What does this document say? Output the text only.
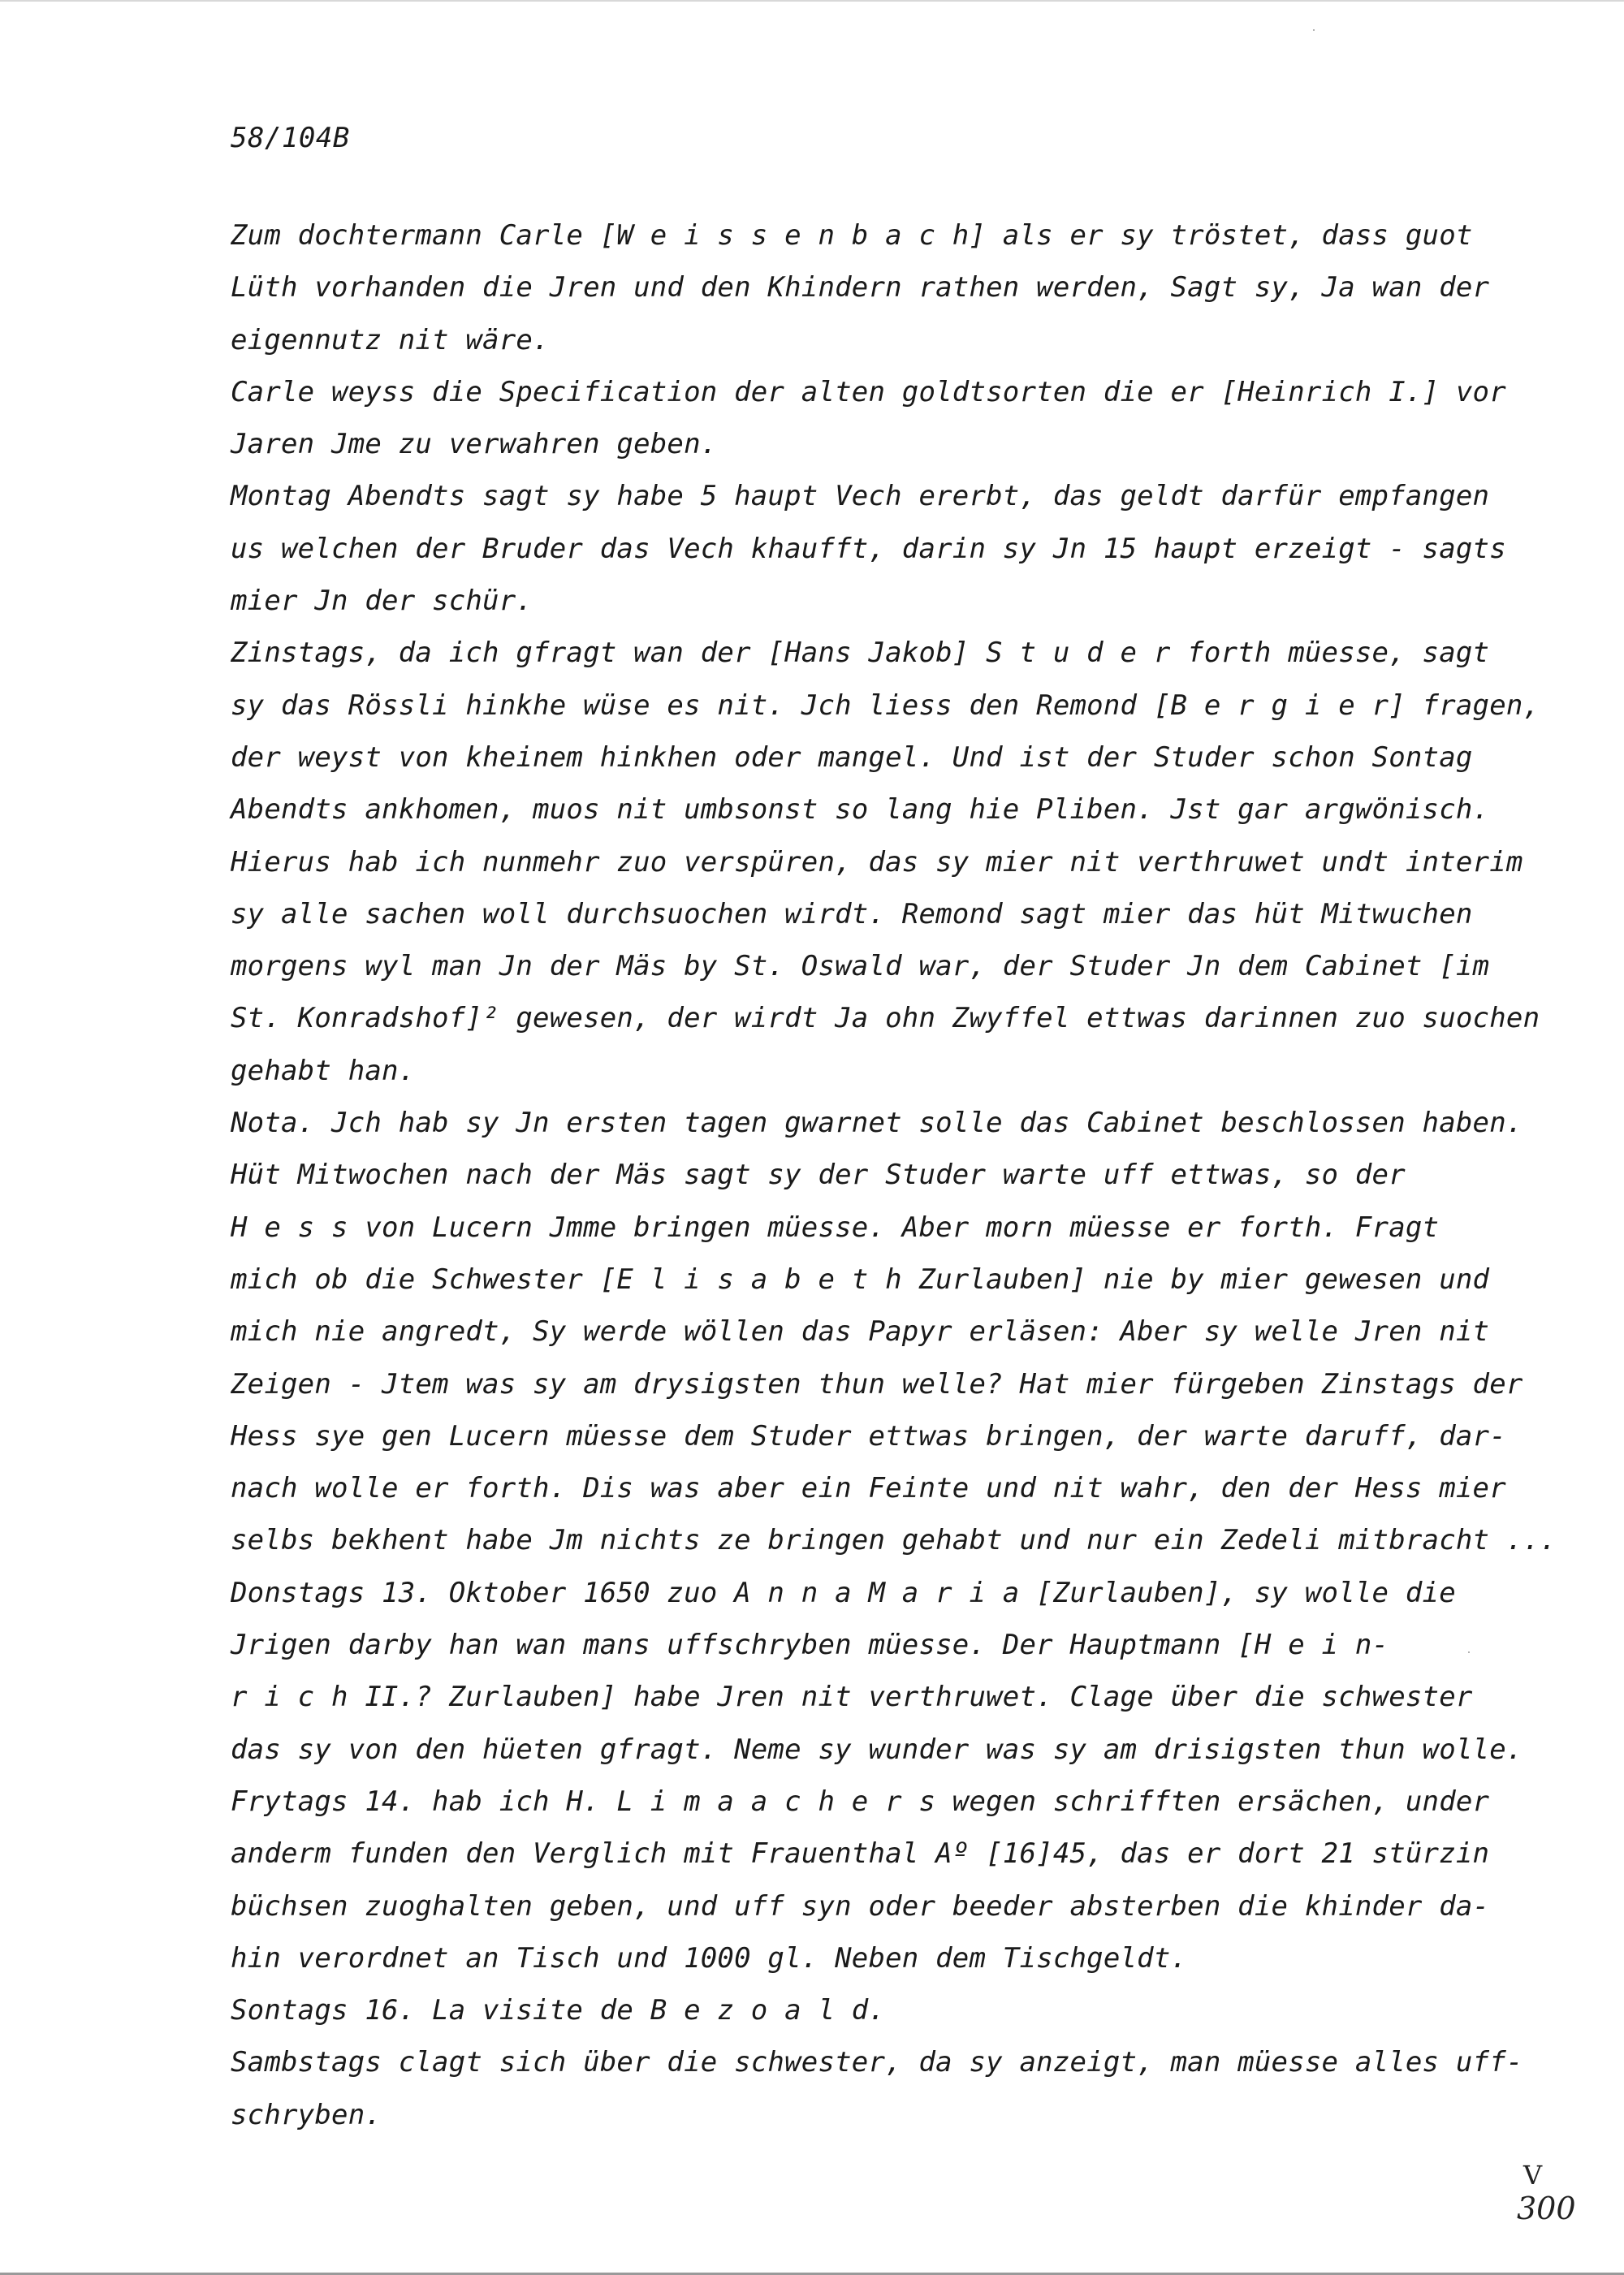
58/104B
Zum dochtermann Carle [W e i s s e n b a c h] als er sy tröstet, dass guot
Lüth vorhanden die Jren und den Khindern rathen werden, Sagt sy, Ja wan der
eigennutz nit wäre.
Carle weyss die Specification der alten goldtsorten die er [Heinrich I.] vor
Jaren Jme zu verwahren geben.
Montag Abendts sagt sy habe 5 haupt Vech ererbt, das geldt darfür empfangen
us welchen der Bruder das Vech khaufft, darin sy Jn 15 haupt erzeigt - sagts
mier Jn der schür.
Zinstags, da ich gfragt wan der [Hans Jakob] S t u d e r forth müesse, sagt
sy das Rössli hinkhe wüse es nit. Jch liess den Remond [B e r g i e r] fragen,
der weyst von kheinem hinkhen oder mangel. Und ist der Studer schon Sontag
Abendts ankhomen, muos nit umbsonst so lang hie Pliben. Jst gar argwönisch.
Hierus hab ich nunmehr zuo verspüren, das sy mier nit verthruwet undt interim
sy alle sachen woll durchsuochen wirdt. Remond sagt mier das hüt Mitwuchen
morgens wyl man Jn der Mäs by St. Oswald war, der Studer Jn dem Cabinet [im
St. Konradshof]² gewesen, der wirdt Ja ohn Zwyffel ettwas darinnen zuo suochen
gehabt han.
Nota. Jch hab sy Jn ersten tagen gwarnet solle das Cabinet beschlossen haben.
Hüt Mitwochen nach der Mäs sagt sy der Studer warte uff ettwas, so der
H e s s von Lucern Jmme bringen müesse. Aber morn müesse er forth. Fragt
mich ob die Schwester [E l i s a b e t h Zurlauben] nie by mier gewesen und
mich nie angredt, Sy werde wöllen das Papyr erläsen: Aber sy welle Jren nit
Zeigen - Jtem was sy am drysigsten thun welle? Hat mier fürgeben Zinstags der
Hess sye gen Lucern müesse dem Studer ettwas bringen, der warte daruff, dar-
nach wolle er forth. Dis was aber ein Feinte und nit wahr, den der Hess mier
selbs bekhent habe Jm nichts ze bringen gehabt und nur ein Zedeli mitbracht ...
Donstags 13. Oktober 1650 zuo A n n a M a r i a [Zurlauben], sy wolle die
Jrigen darby han wan mans uffschryben müesse. Der Hauptmann [H e i n-
r i c h II.? Zurlauben] habe Jren nit verthruwet. Clage über die schwester
das sy von den hüeten gfragt. Neme sy wunder was sy am drisigsten thun wolle.
Frytags 14. hab ich H. L i m a a c h e r s wegen schrifften ersächen, under
anderm funden den Verglich mit Frauenthal Aº [16]45, das er dort 21 stürzin
büchsen zuoghalten geben, und uff syn oder beeder absterben die khinder da-
hin verordnet an Tisch und 1000 gl. Neben dem Tischgeldt.
Sontags 16. La visite de B e z o a l d.
Sambstags clagt sich über die schwester, da sy anzeigt, man müesse alles uff-
schryben.
V
300
